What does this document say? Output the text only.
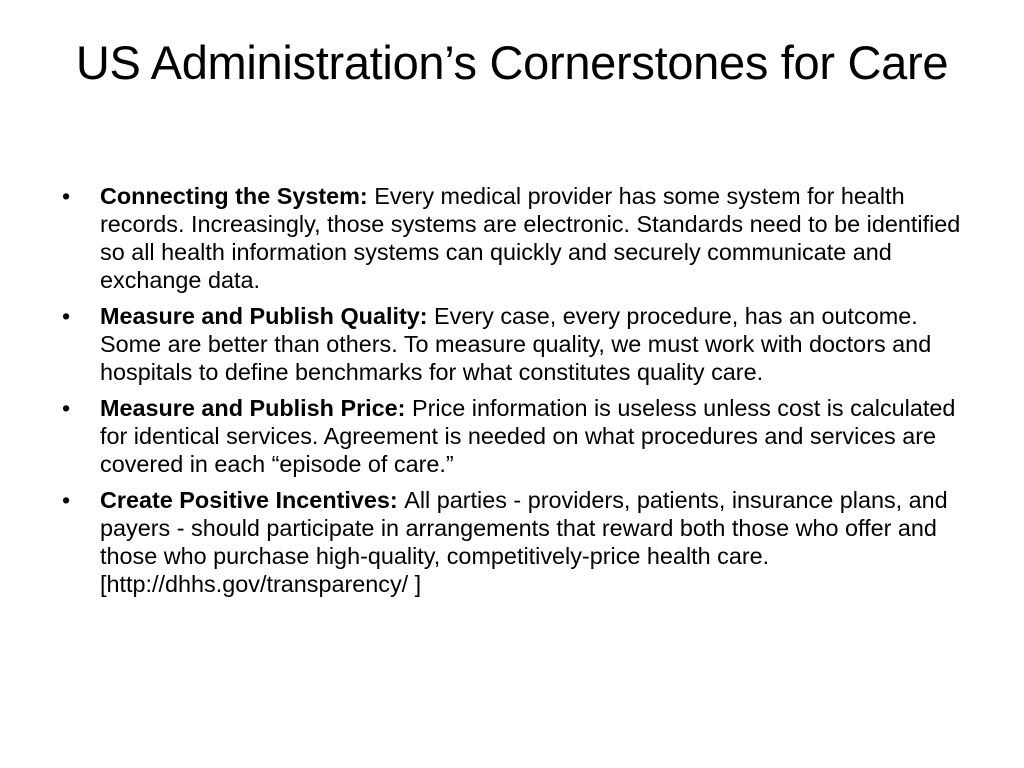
US Administration’s Cornerstones for Care
•	Connecting the System: Every medical provider has some system for health records. Increasingly, those systems are electronic. Standards need to be identified so all health information systems can quickly and securely communicate and exchange data.
•	Measure and Publish Quality: Every case, every procedure, has an outcome. Some are better than others. To measure quality, we must work with doctors and hospitals to define benchmarks for what constitutes quality care.
•	Measure and Publish Price: Price information is useless unless cost is calculated for identical services. Agreement is needed on what procedures and services are covered in each “episode of care.”
•	Create Positive Incentives: All parties - providers, patients, insurance plans, and payers - should participate in arrangements that reward both those who offer and those who purchase high-quality, competitively-price health care. [http://dhhs.gov/transparency/ ]
